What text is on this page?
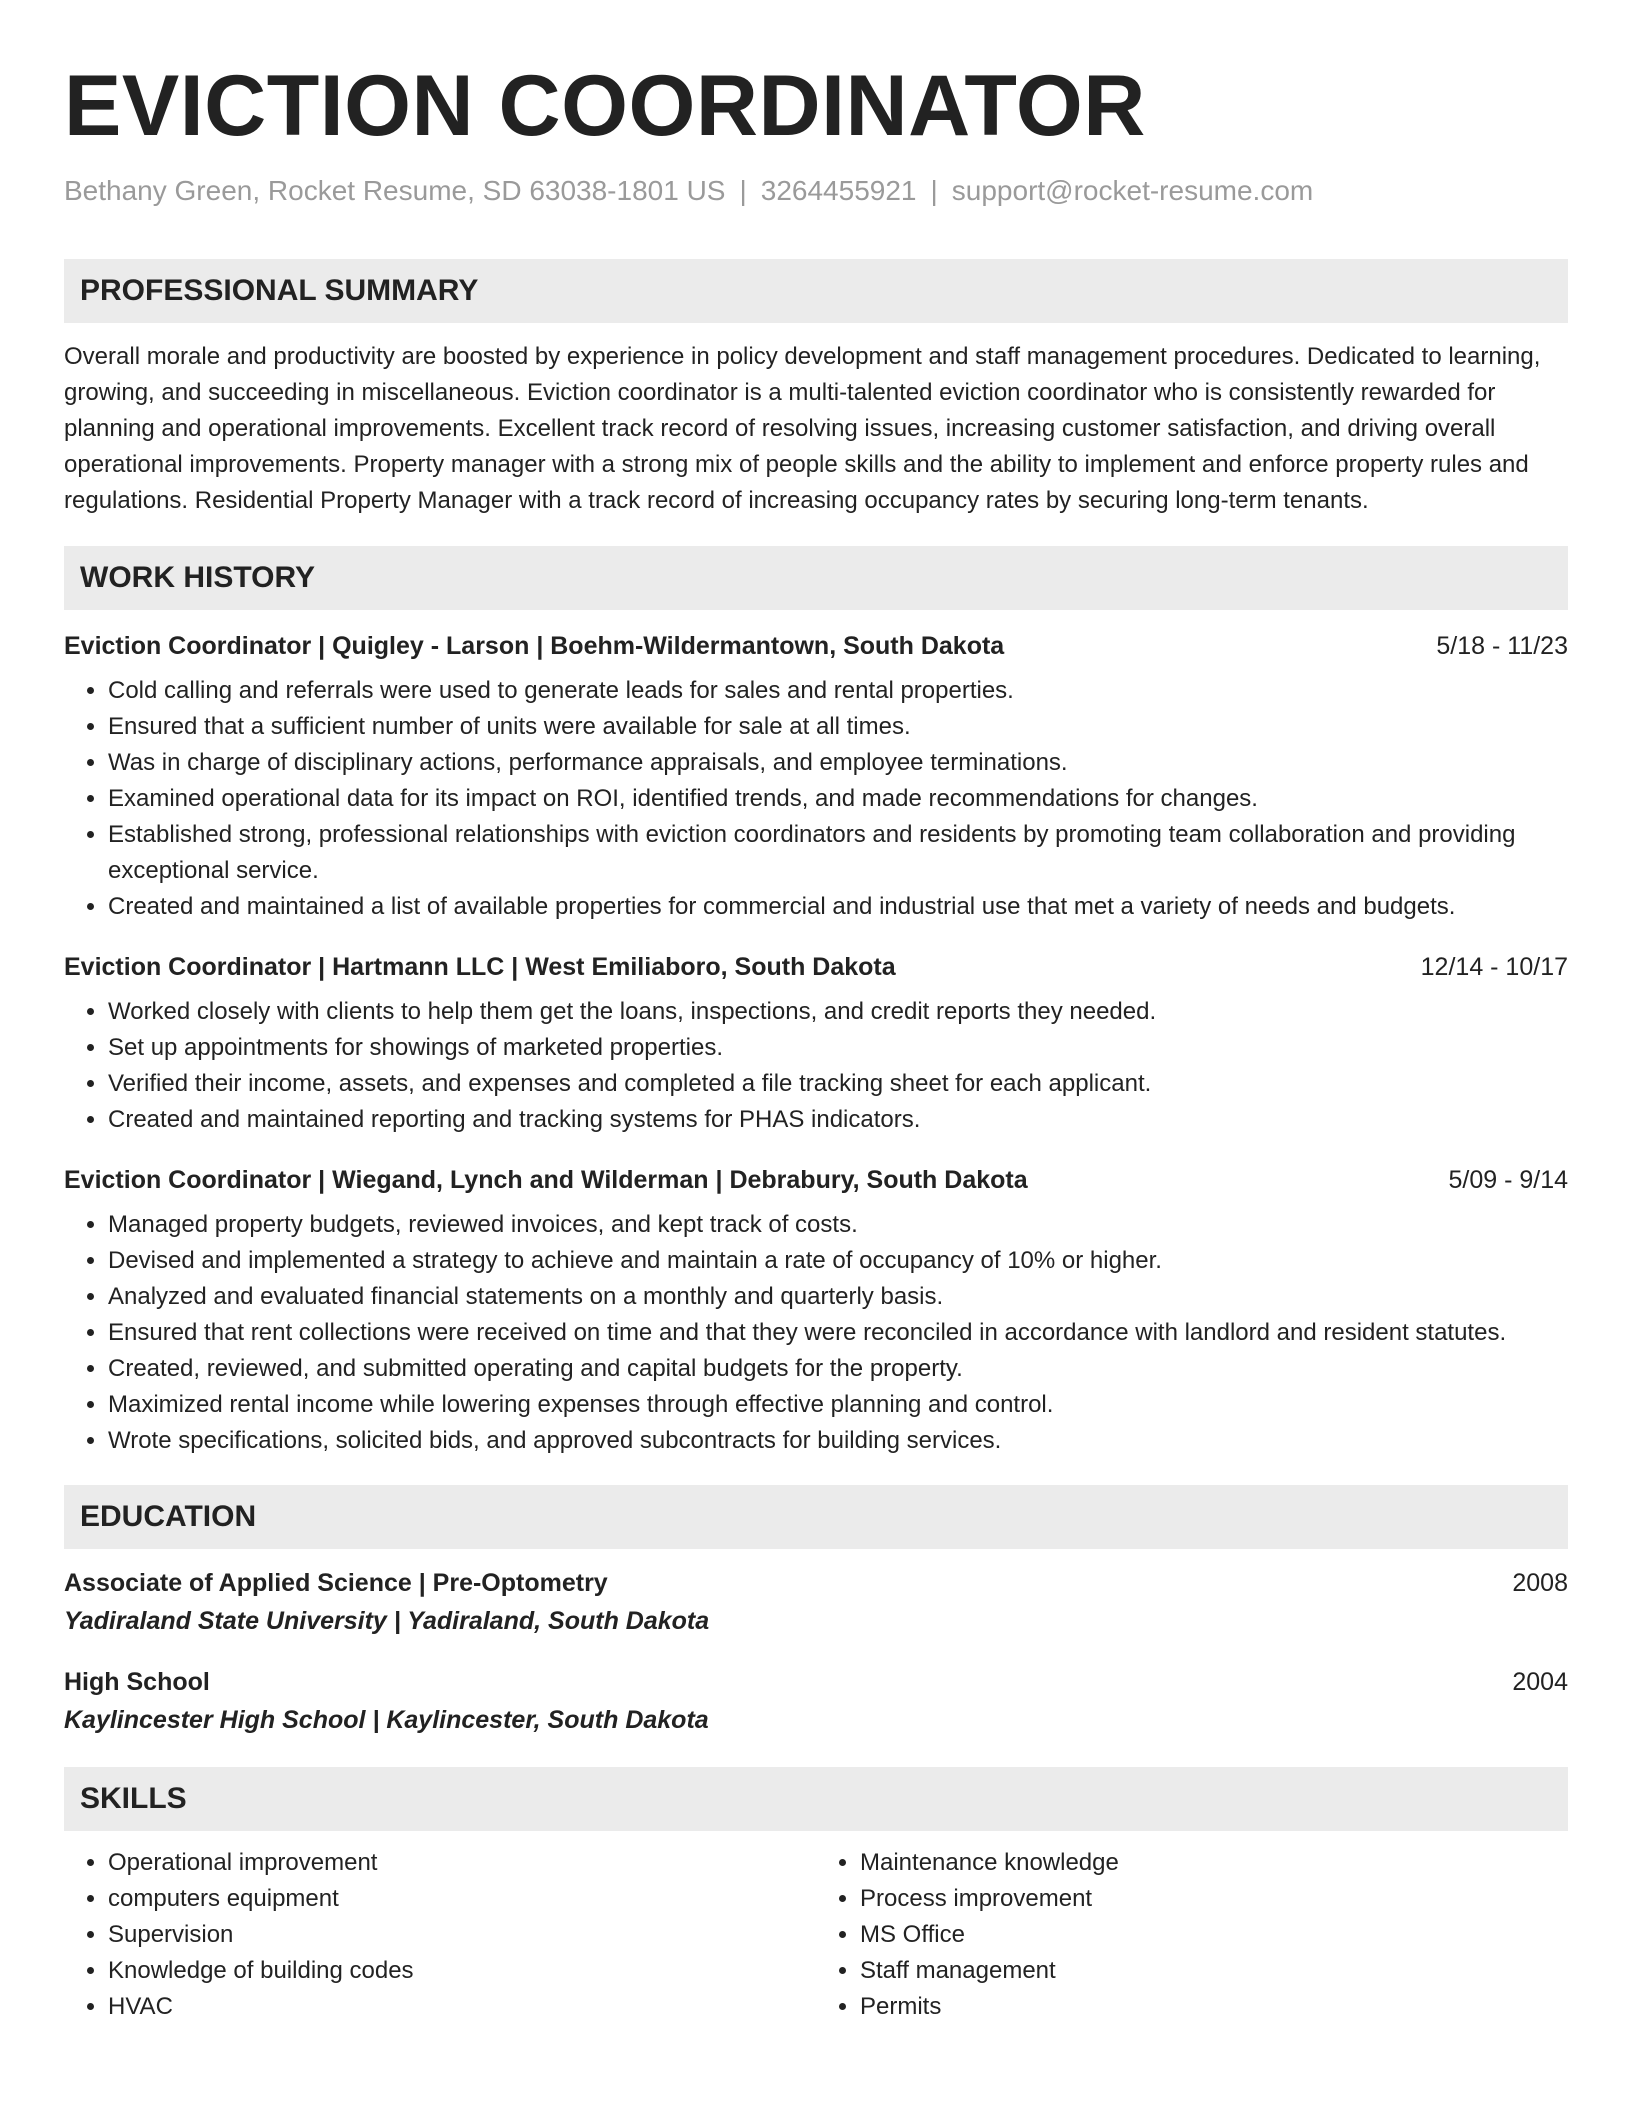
EVICTION COORDINATOR
Bethany Green, Rocket Resume, SD 63038-1801 US | 3264455921 | support@rocket-resume.com
PROFESSIONAL SUMMARY
Overall morale and productivity are boosted by experience in policy development and staff management procedures. Dedicated to learning, growing, and succeeding in miscellaneous. Eviction coordinator is a multi-talented eviction coordinator who is consistently rewarded for planning and operational improvements. Excellent track record of resolving issues, increasing customer satisfaction, and driving overall operational improvements. Property manager with a strong mix of people skills and the ability to implement and enforce property rules and regulations. Residential Property Manager with a track record of increasing occupancy rates by securing long-term tenants.
WORK HISTORY
Eviction Coordinator | Quigley - Larson | Boehm-Wildermantown, South Dakota	5/18 - 11/23
• Cold calling and referrals were used to generate leads for sales and rental properties.
• Ensured that a sufficient number of units were available for sale at all times.
• Was in charge of disciplinary actions, performance appraisals, and employee terminations.
• Examined operational data for its impact on ROI, identified trends, and made recommendations for changes.
• Established strong, professional relationships with eviction coordinators and residents by promoting team collaboration and providing exceptional service.
• Created and maintained a list of available properties for commercial and industrial use that met a variety of needs and budgets.
Eviction Coordinator | Hartmann LLC | West Emiliaboro, South Dakota	12/14 - 10/17
• Worked closely with clients to help them get the loans, inspections, and credit reports they needed.
• Set up appointments for showings of marketed properties.
• Verified their income, assets, and expenses and completed a file tracking sheet for each applicant.
• Created and maintained reporting and tracking systems for PHAS indicators.
Eviction Coordinator | Wiegand, Lynch and Wilderman | Debrabury, South Dakota	5/09 - 9/14
• Managed property budgets, reviewed invoices, and kept track of costs.
• Devised and implemented a strategy to achieve and maintain a rate of occupancy of 10% or higher.
• Analyzed and evaluated financial statements on a monthly and quarterly basis.
• Ensured that rent collections were received on time and that they were reconciled in accordance with landlord and resident statutes.
• Created, reviewed, and submitted operating and capital budgets for the property.
• Maximized rental income while lowering expenses through effective planning and control.
• Wrote specifications, solicited bids, and approved subcontracts for building services.
EDUCATION
Associate of Applied Science | Pre-Optometry	2008
Yadiraland State University | Yadiraland, South Dakota
High School	2004
Kaylincester High School | Kaylincester, South Dakota
SKILLS
• Operational improvement
• computers equipment
• Supervision
• Knowledge of building codes
• HVAC
• Maintenance knowledge
• Process improvement
• MS Office
• Staff management
• Permits
